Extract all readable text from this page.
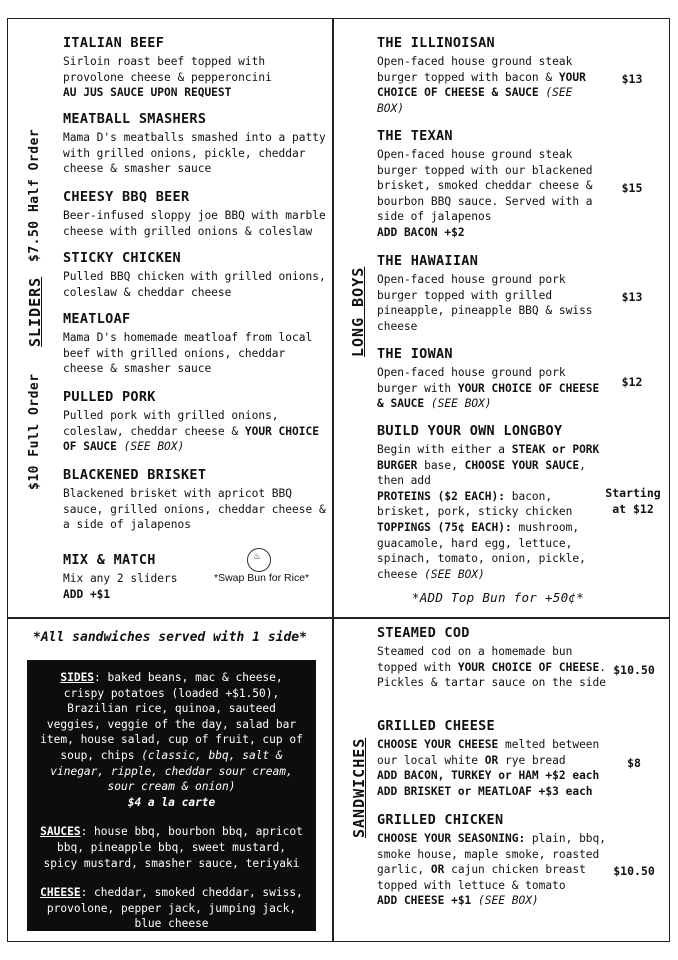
$7.50 Half Order
SLIDERS
$10 Full Order
ITALIAN BEEF
Sirloin roast beef topped with provolone cheese & pepperoncini
AU JUS SAUCE UPON REQUEST
MEATBALL SMASHERS
Mama D's meatballs smashed into a patty with grilled onions, pickle, cheddar cheese & smasher sauce
CHEESY BBQ BEER
Beer-infused sloppy joe BBQ with marble cheese with grilled onions & coleslaw
STICKY CHICKEN
Pulled BBQ chicken with grilled onions, coleslaw & cheddar cheese
MEATLOAF
Mama D's homemade meatloaf from local beef with grilled onions, cheddar cheese & smasher sauce
PULLED PORK
Pulled pork with grilled onions, coleslaw, cheddar cheese & YOUR CHOICE OF SAUCE (SEE BOX)
BLACKENED BRISKET
Blackened brisket with apricot BBQ sauce, grilled onions, cheddar cheese & a side of jalapenos
MIX & MATCH
Mix any 2 sliders
ADD +$1
♨
*Swap Bun for Rice*
LONG BOYS
THE ILLINOISAN
Open-faced house ground steak burger topped with bacon & YOUR CHOICE OF CHEESE & SAUCE (SEE BOX)
$13
THE TEXAN
Open-faced house ground steak burger topped with our blackened brisket, smoked cheddar cheese & bourbon BBQ sauce. Served with a side of jalapenos
ADD BACON +$2
$15
THE HAWAIIAN
Open-faced house ground pork burger topped with grilled pineapple, pineapple BBQ & swiss cheese
$13
THE IOWAN
Open-faced house ground pork burger with YOUR CHOICE OF CHEESE & SAUCE (SEE BOX)
$12
BUILD YOUR OWN LONGBOY
Begin with either a STEAK or PORK BURGER base, CHOOSE YOUR SAUCE, then add
PROTEINS ($2 EACH): bacon, brisket, pork, sticky chicken
TOPPINGS (75¢ EACH): mushroom, guacamole, hard egg, lettuce, spinach, tomato, onion, pickle, cheese (SEE BOX)
Starting at $12
*ADD Top Bun for +50¢*
*All sandwiches served with 1 side*

SIDES: baked beans, mac & cheese, crispy potatoes (loaded +$1.50), Brazilian rice, quinoa, sauteed veggies, veggie of the day, salad bar item, house salad, cup of fruit, cup of soup, chips (classic, bbq, salt & vinegar, ripple, cheddar sour cream, sour cream & onion)
$4 a la carte

SAUCES: house bbq, bourbon bbq, apricot bbq, pineapple bbq, sweet mustard, spicy mustard, smasher sauce, teriyaki

CHEESE: cheddar, smoked cheddar, swiss, provolone, pepper jack, jumping jack, blue cheese

SANDWICHES
STEAMED COD
Steamed cod on a homemade bun topped with YOUR CHOICE OF CHEESE. Pickles & tartar sauce on the side
$10.50
GRILLED CHEESE
CHOOSE YOUR CHEESE melted between our local white OR rye bread
ADD BACON, TURKEY or HAM +$2 each
ADD BRISKET or MEATLOAF +$3 each
$8
GRILLED CHICKEN
CHOOSE YOUR SEASONING: plain, bbq, smoke house, maple smoke, roasted garlic, OR cajun chicken breast topped with lettuce & tomato
ADD CHEESE +$1 (SEE BOX)
$10.50
